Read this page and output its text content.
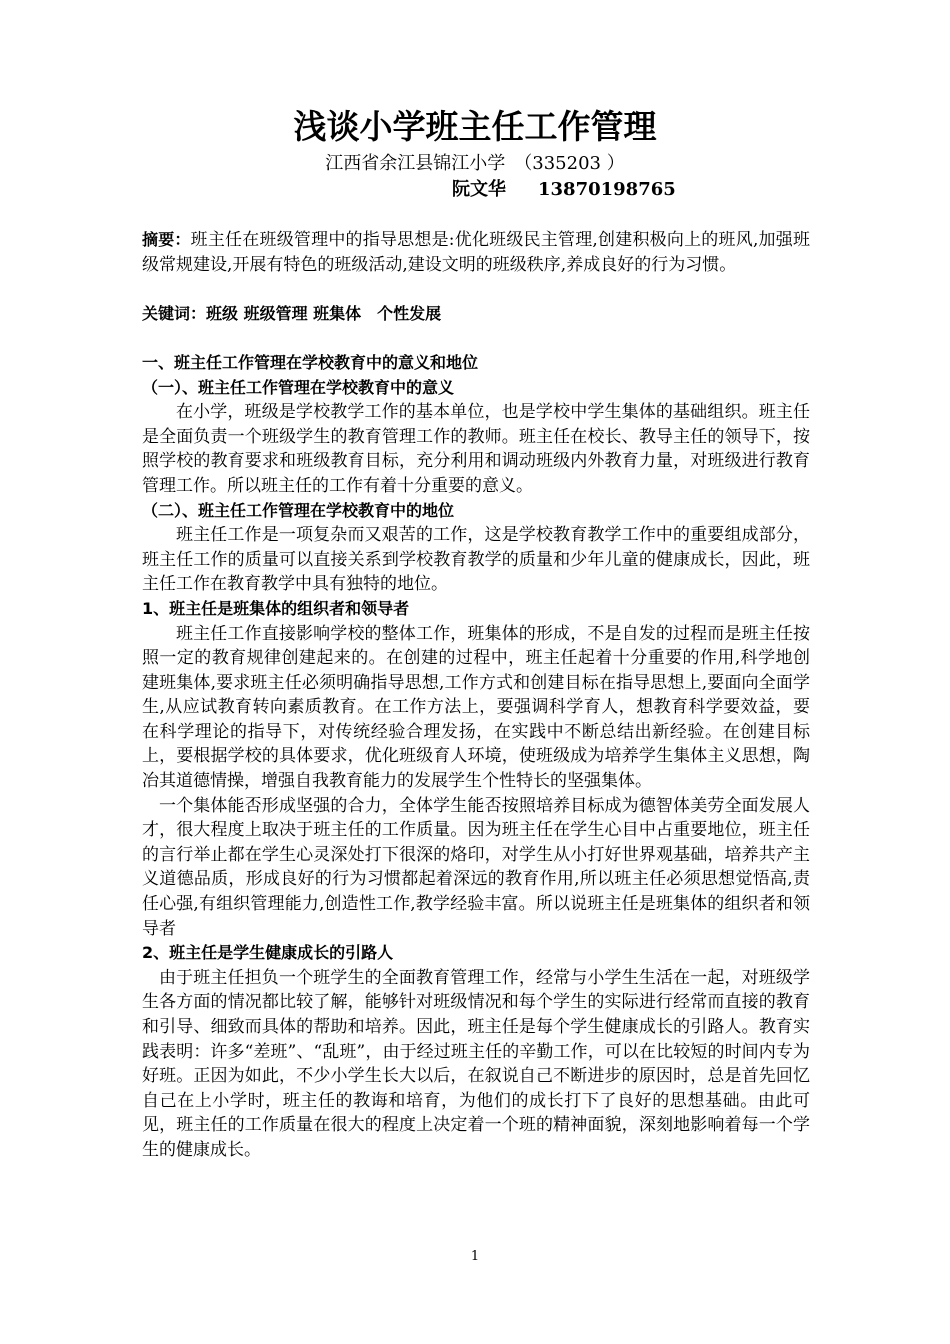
浅谈小学班主任工作管理
江西省余江县锦江小学　（335203 ）
阮文华 13870198765

摘要：班主任在班级管理中的指导思想是:优化班级民主管理,创建积极向上的班风,加强班级常规建设,开展有特色的班级活动,建设文明的班级秩序,养成良好的行为习惯。

关键词：班级 班级管理 班集体　个性发展

一、班主任工作管理在学校教育中的意义和地位

（一）、班主任工作管理在学校教育中的意义

在小学，班级是学校教学工作的基本单位，也是学校中学生集体的基础组织。班主任是全面负责一个班级学生的教育管理工作的教师。班主任在校长、教导主任的领导下，按照学校的教育要求和班级教育目标，充分利用和调动班级内外教育力量，对班级进行教育管理工作。所以班主任的工作有着十分重要的意义。

（二）、班主任工作管理在学校教育中的地位

班主任工作是一项复杂而又艰苦的工作，这是学校教育教学工作中的重要组成部分，班主任工作的质量可以直接关系到学校教育教学的质量和少年儿童的健康成长，因此，班主任工作在教育教学中具有独特的地位。

1、班主任是班集体的组织者和领导者

班主任工作直接影响学校的整体工作，班集体的形成，不是自发的过程而是班主任按照一定的教育规律创建起来的。在创建的过程中，班主任起着十分重要的作用,科学地创建班集体,要求班主任必须明确指导思想,工作方式和创建目标在指导思想上,要面向全面学生,从应试教育转向素质教育。在工作方法上，要强调科学育人，想教育科学要效益，要在科学理论的指导下，对传统经验合理发扬，在实践中不断总结出新经验。在创建目标上，要根据学校的具体要求，优化班级育人环境，使班级成为培养学生集体主义思想，陶冶其道德情操，增强自我教育能力的发展学生个性特长的坚强集体。

一个集体能否形成坚强的合力，全体学生能否按照培养目标成为德智体美劳全面发展人才，很大程度上取决于班主任的工作质量。因为班主任在学生心目中占重要地位，班主任的言行举止都在学生心灵深处打下很深的烙印，对学生从小打好世界观基础，培养共产主义道德品质，形成良好的行为习惯都起着深远的教育作用,所以班主任必须思想觉悟高,责任心强,有组织管理能力,创造性工作,教学经验丰富。所以说班主任是班集体的组织者和领导者

2、班主任是学生健康成长的引路人

由于班主任担负一个班学生的全面教育管理工作，经常与小学生生活在一起，对班级学生各方面的情况都比较了解，能够针对班级情况和每个学生的实际进行经常而直接的教育和引导、细致而具体的帮助和培养。因此，班主任是每个学生健康成长的引路人。教育实践表明：许多“差班”、“乱班”，由于经过班主任的辛勤工作，可以在比较短的时间内专为好班。正因为如此，不少小学生长大以后，在叙说自己不断进步的原因时，总是首先回忆自己在上小学时，班主任的教诲和培育，为他们的成长打下了良好的思想基础。由此可见，班主任的工作质量在很大的程度上决定着一个班的精神面貌，深刻地影响着每一个学生的健康成长。

1
